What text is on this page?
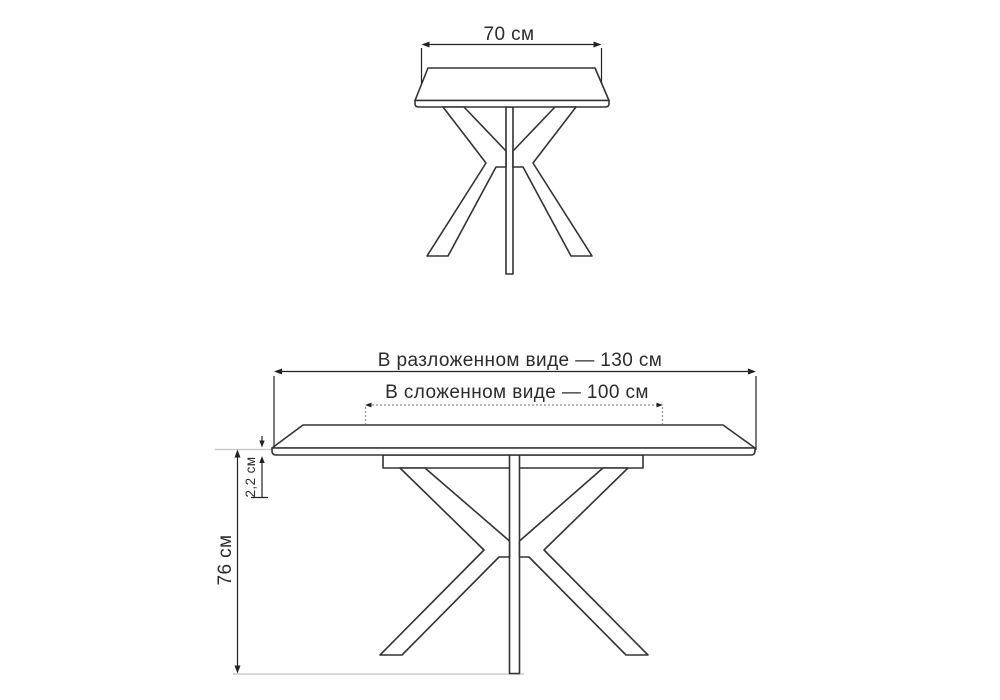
70 см
В разложенном виде — 130 см
В сложенном виде — 100 см
2,2 см
76 см
